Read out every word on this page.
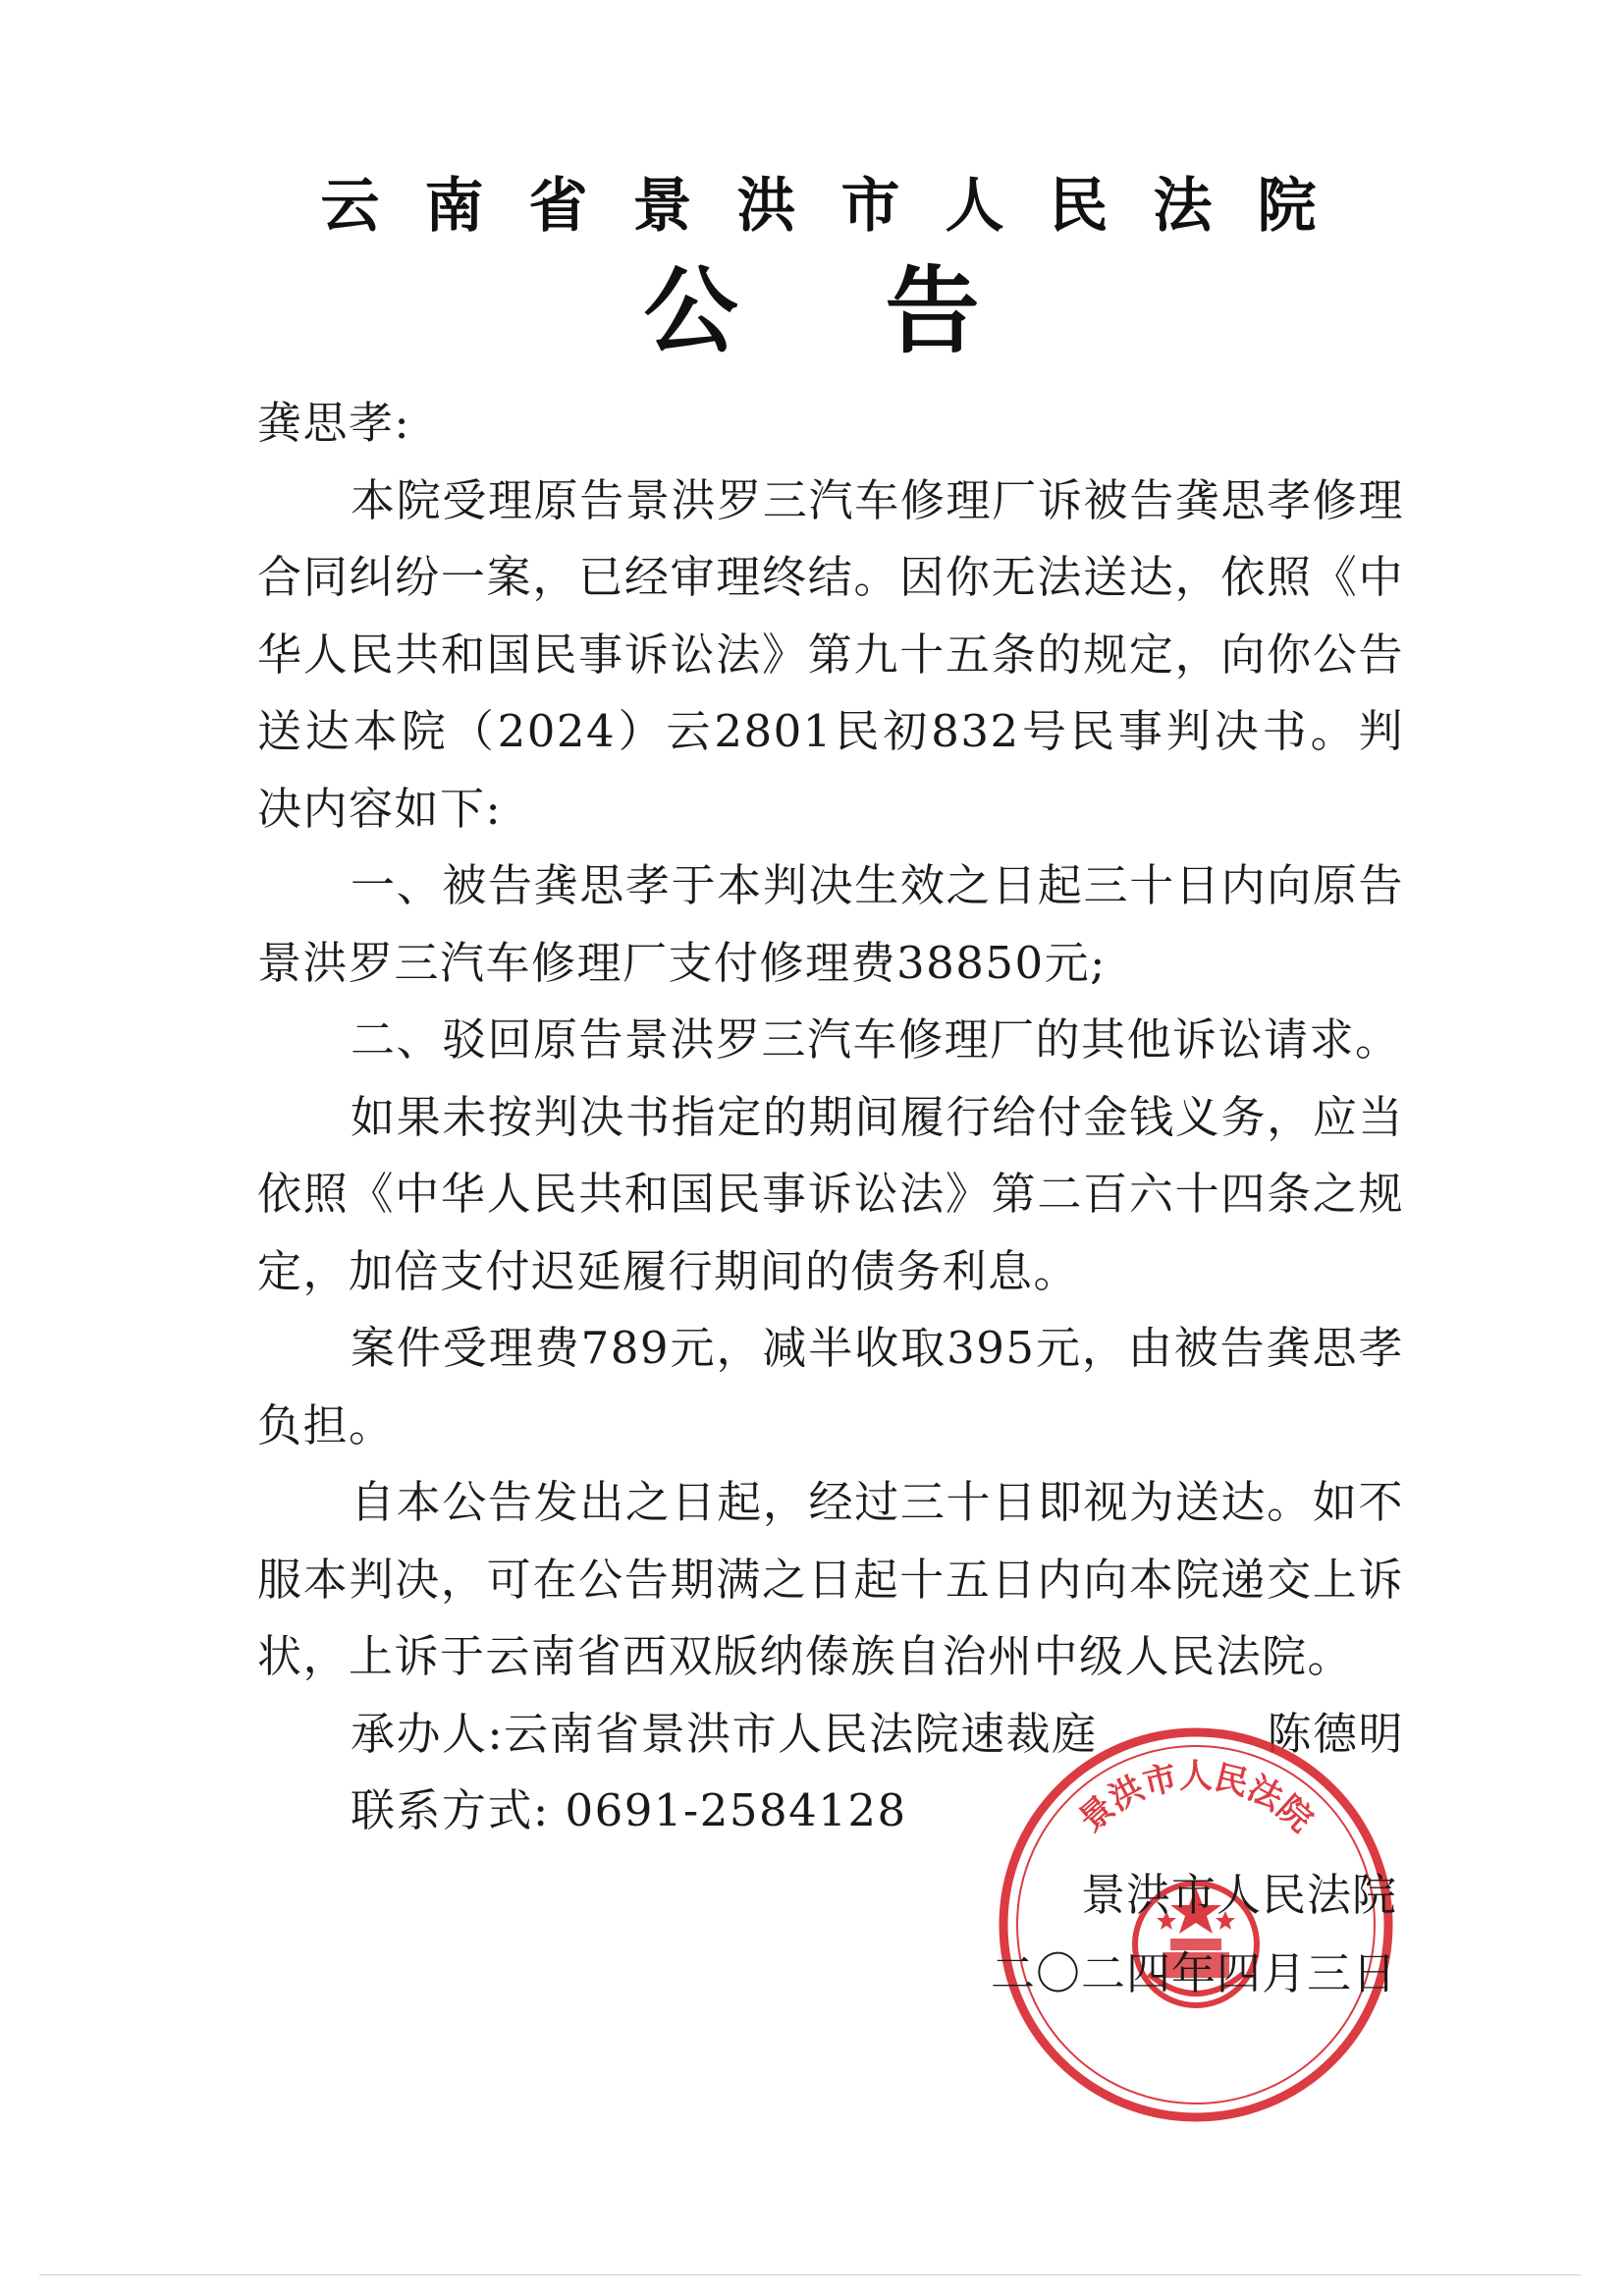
云南省景洪市人民法院
公告

龚思孝:

本院受理原告景洪罗三汽车修理厂诉被告龚思孝修理合同纠纷一案，已经审理终结。因你无法送达，依照《中华人民共和国民事诉讼法》第九十五条的规定，向你公告送达本院（2024）云2801民初832号民事判决书。判决内容如下:

一、被告龚思孝于本判决生效之日起三十日内向原告景洪罗三汽车修理厂支付修理费38850元;

二、驳回原告景洪罗三汽车修理厂的其他诉讼请求。

如果未按判决书指定的期间履行给付金钱义务，应当依照《中华人民共和国民事诉讼法》第二百六十四条之规定，加倍支付迟延履行期间的债务利息。

案件受理费789元，减半收取395元，由被告龚思孝负担。

自本公告发出之日起，经过三十日即视为送达。如不服本判决，可在公告期满之日起十五日内向本院递交上诉状，上诉于云南省西双版纳傣族自治州中级人民法院。

承办人:云南省景洪市人民法院速裁庭	陈德明
联系方式: 0691-2584128	景洪市人民法院
景洪市人民法院
二〇二四年四月三日
